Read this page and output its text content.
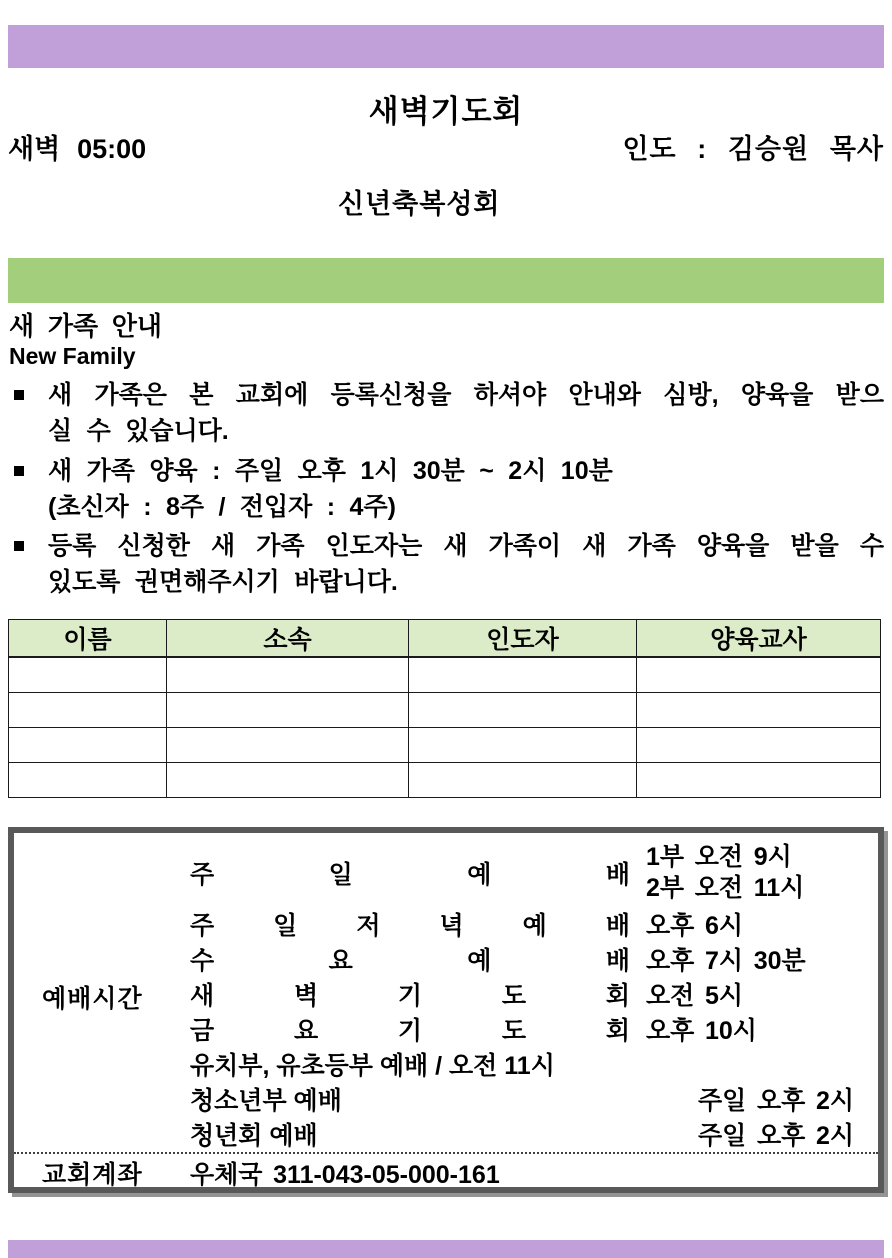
새벽기도회
새벽 05:00	인도 : 김승원 목사
신년축복성회
새 가족 안내
New Family
새 가족은 본 교회에 등록신청을 하셔야 안내와 심방, 양육을 받으
실 수 있습니다.
새 가족 양육 : 주일 오후 1시 30분 ~ 2시 10분
(초신자 : 8주 / 전입자 : 4주)
등록 신청한 새 가족 인도자는 새 가족이 새 가족 양육을 받을 수
있도록 권면해주시기 바랍니다.
이름	소속	인도자	양육교사

예배시간
주 일 예 배
1부 오전 9시
2부 오전 11시
주 일 저 녁 예 배 오후 6시
수 요 예 배 오후 7시 30분
새 벽 기 도 회 오전 5시
금 요 기 도 회 오후 10시
유치부, 유초등부 예배 / 오전 11시
청소년부 예배	주일 오후 2시
청년회 예배	주일 오후 2시
교회계좌 우체국 311-043-05-000-161
